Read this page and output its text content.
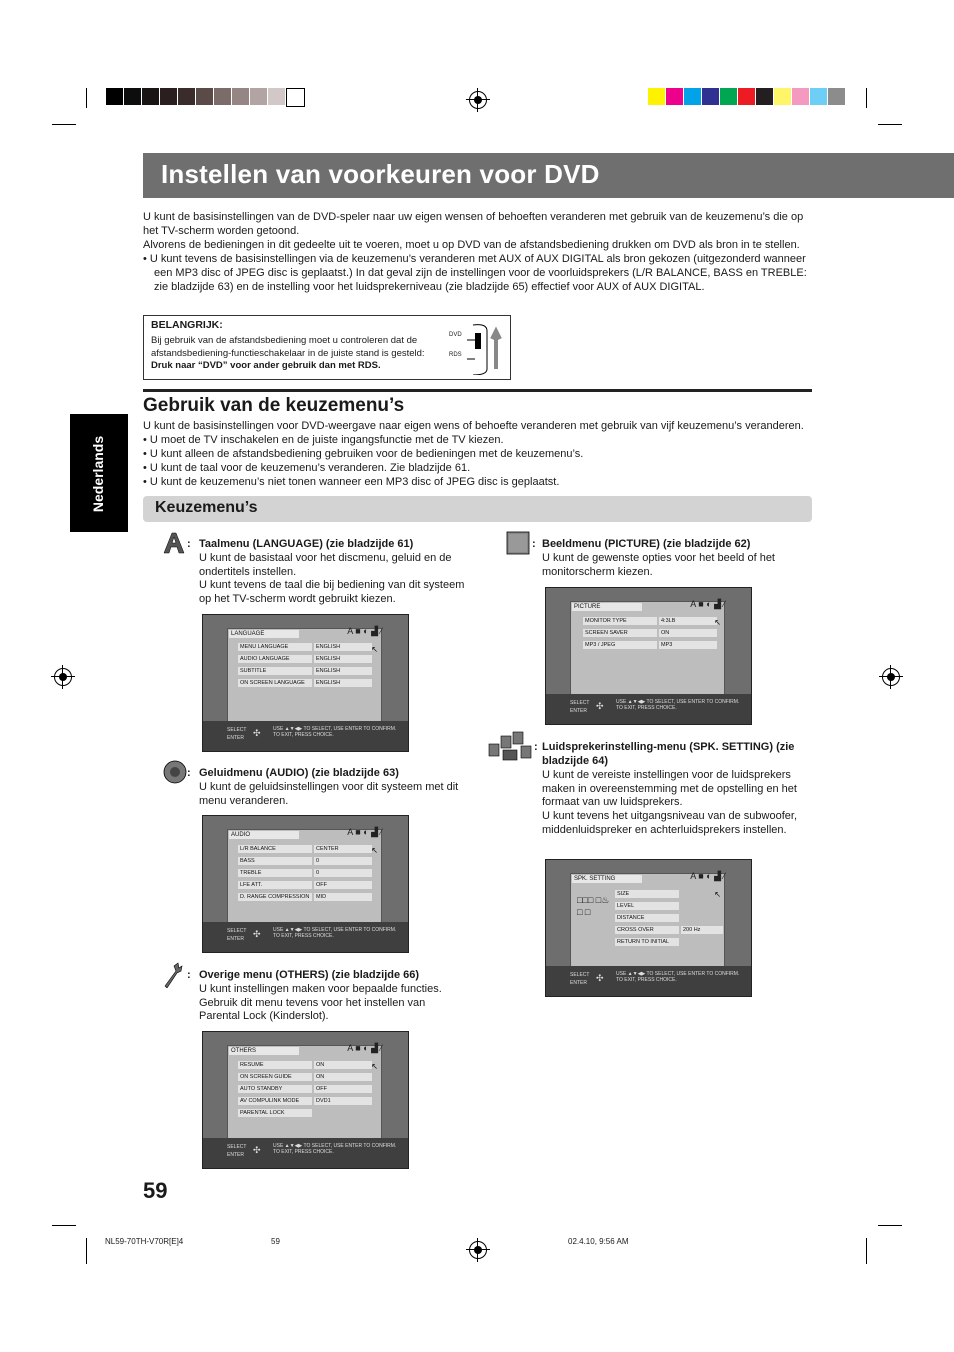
Instellen van voorkeuren voor DVD

U kunt de basisinstellingen van de DVD-speler naar uw eigen wensen of behoeften veranderen met gebruik van de keuzemenu’s die op het TV-scherm worden getoond.

Alvorens de bedieningen in dit gedeelte uit te voeren, moet u op DVD van de afstandsbediening drukken om DVD als bron in te stellen.

• U kunt tevens de basisinstellingen via de keuzemenu’s veranderen met AUX of AUX DIGITAL als bron gekozen (uitgezonderd wanneer een MP3 disc of JPEG disc is geplaatst.) In dat geval zijn de instellingen voor de voorluidsprekers (L/R BALANCE, BASS en TREBLE: zie bladzijde 63) en de instelling voor het luidsprekerniveau (zie bladzijde 65) effectief voor AUX of AUX DIGITAL.

BELANGRIJK:
Bij gebruik van de afstandsbediening moet u controleren dat de afstandsbediening-functieschakelaar in de juiste stand is gesteld: Druk naar “DVD” voor ander gebruik dan met RDS.
DVD
RDS
Gebruik van de keuzemenu’s

U kunt de basisinstellingen voor DVD-weergave naar eigen wens of behoefte veranderen met gebruik van vijf keuzemenu’s veranderen.

• U moet de TV inschakelen en de juiste ingangsfunctie met de TV kiezen.

• U kunt alleen de afstandsbediening gebruiken voor de bedieningen met de keuzemenu’s.

• U kunt de taal voor de keuzemenu’s veranderen. Zie bladzijde 61.

• U kunt de keuzemenu’s niet tonen wanneer een MP3 disc of JPEG disc is geplaatst.

Nederlands	Keuzemenu’s
: Taalmenu (LANGUAGE) (zie bladzijde 61)
U kunt de basistaal voor het discmenu, geluid en de ondertitels instellen.
U kunt tevens de taal die bij bediening van dit systeem op het TV-scherm wordt gebruikt kiezen.
LANGUAGE
MENU LANGUAGE	ENGLISH
AUDIO LANGUAGE	ENGLISH
SUBTITLE	ENGLISH
ON SCREEN LANGUAGE	ENGLISH
A ■ ◐ ▟ ⁄
↖
SELECT
ENTER ✣ USE ▲▼◀▶ TO SELECT, USE ENTER TO CONFIRM.
TO EXIT, PRESS CHOICE.
: Geluidmenu (AUDIO) (zie bladzijde 63)
U kunt de geluidsinstellingen voor dit systeem met dit menu veranderen.
AUDIO
L/R BALANCE	CENTER
BASS	0
TREBLE	0
LFE ATT.	OFF
D. RANGE COMPRESSION	MID
A ■ ◐ ▟ ⁄
↖
SELECT
ENTER ✣ USE ▲▼◀▶ TO SELECT, USE ENTER TO CONFIRM.
TO EXIT, PRESS CHOICE.
: Overige menu (OTHERS) (zie bladzijde 66)
U kunt instellingen maken voor bepaalde functies. Gebruik dit menu tevens voor het instellen van Parental Lock (Kinderslot).
OTHERS
RESUME	ON
ON SCREEN GUIDE	ON
AUTO STANDBY	OFF
AV COMPULINK MODE	DVD1
PARENTAL LOCK
A ■ ◐ ▟ ⁄
↖
SELECT
ENTER ✣ USE ▲▼◀▶ TO SELECT, USE ENTER TO CONFIRM.
TO EXIT, PRESS CHOICE.
: Beeldmenu (PICTURE) (zie bladzijde 62)
U kunt de gewenste opties voor het beeld of het monitorscherm kiezen.
PICTURE
MONITOR TYPE	4:3LB
SCREEN SAVER	ON
MP3 / JPEG	MP3
A ■ ◐ ▟ ⁄
↖
SELECT
ENTER ✣ USE ▲▼◀▶ TO SELECT, USE ENTER TO CONFIRM.
TO EXIT, PRESS CHOICE.
: Luidsprekerinstelling-menu (SPK. SETTING) (zie bladzijde 64)
U kunt de vereiste instellingen voor de luidsprekers maken in overeenstemming met de opstelling en het formaat van uw luidsprekers.
U kunt tevens het uitgangsniveau van de subwoofer, middenluidspreker en achterluidsprekers instellen.
SPK. SETTING
□□□ □♨ □ □
SIZE
LEVEL
DISTANCE
CROSS OVER	200 Hz
RETURN TO INITIAL
A ■ ◐ ▟ ⁄
↖
SELECT
ENTER ✣ USE ▲▼◀▶ TO SELECT, USE ENTER TO CONFIRM.
TO EXIT, PRESS CHOICE.
59
NL59-70TH-V70R[E]4	59	02.4.10, 9:56 AM
